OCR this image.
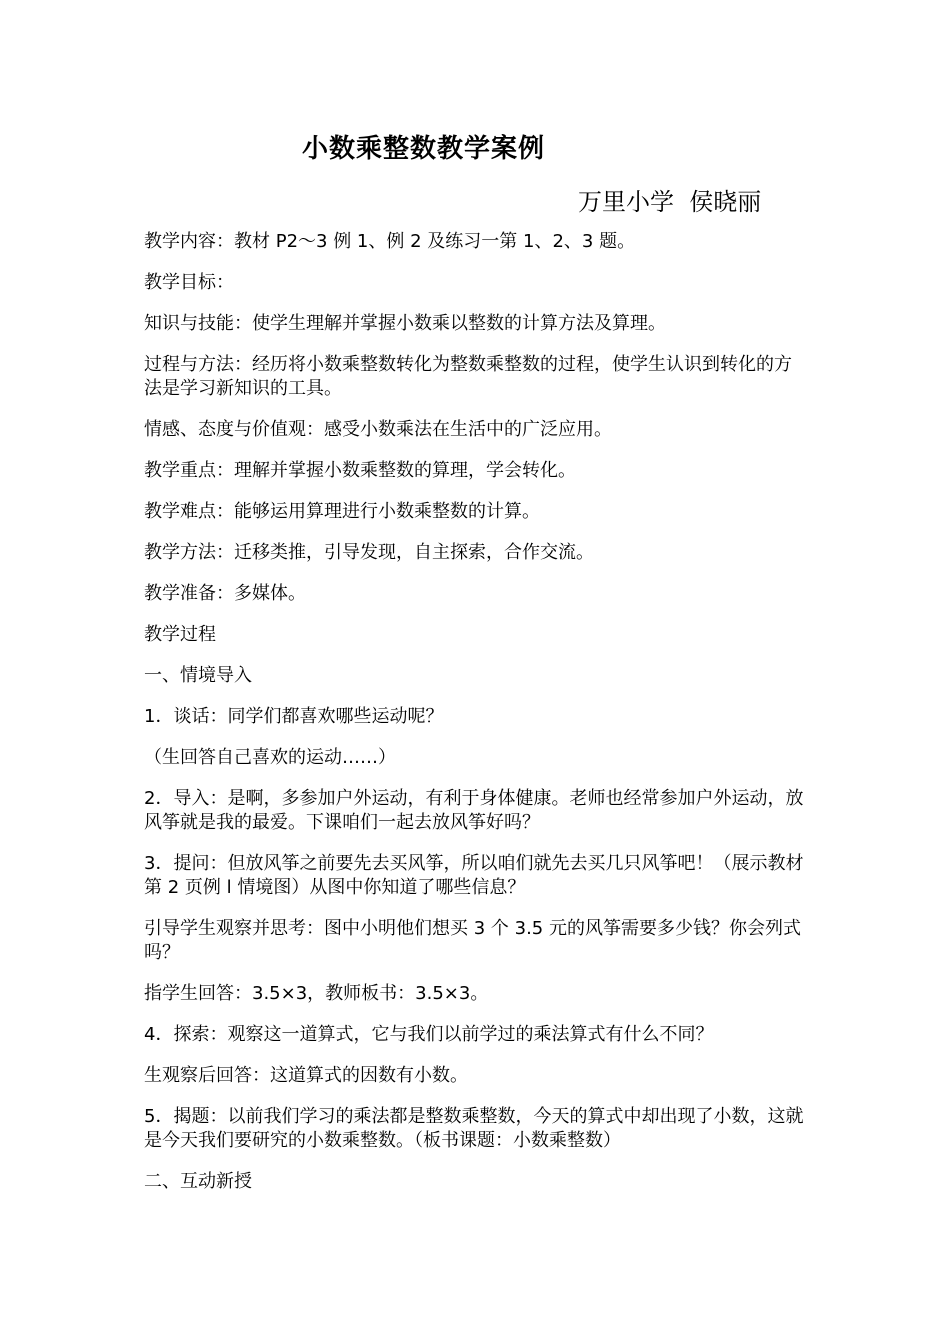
小数乘整数教学案例
万里小学  侯晓丽

教学内容：教材 P2～3 例 1、例 2 及练习一第 1、2、3 题。

教学目标：

知识与技能：使学生理解并掌握小数乘以整数的计算方法及算理。

过程与方法：经历将小数乘整数转化为整数乘整数的过程，使学生认识到转化的方法是学习新知识的工具。

情感、态度与价值观：感受小数乘法在生活中的广泛应用。

教学重点：理解并掌握小数乘整数的算理，学会转化。

教学难点：能够运用算理进行小数乘整数的计算。

教学方法：迁移类推，引导发现，自主探索，合作交流。

教学准备：多媒体。

教学过程

一、情境导入

1．谈话：同学们都喜欢哪些运动呢？

（生回答自己喜欢的运动……）

2．导入：是啊，多参加户外运动，有利于身体健康。老师也经常参加户外运动，放风筝就是我的最爱。下课咱们一起去放风筝好吗？

3．提问：但放风筝之前要先去买风筝，所以咱们就先去买几只风筝吧！（展示教材第 2 页例 l 情境图）从图中你知道了哪些信息？

引导学生观察并思考：图中小明他们想买 3 个 3.5 元的风筝需要多少钱？你会列式吗？

指学生回答：3.5×3，教师板书：3.5×3。

4．探索：观察这一道算式，它与我们以前学过的乘法算式有什么不同？

生观察后回答：这道算式的因数有小数。

5．揭题：以前我们学习的乘法都是整数乘整数，今天的算式中却出现了小数，这就是今天我们要研究的小数乘整数。（板书课题：小数乘整数）

二、互动新授
